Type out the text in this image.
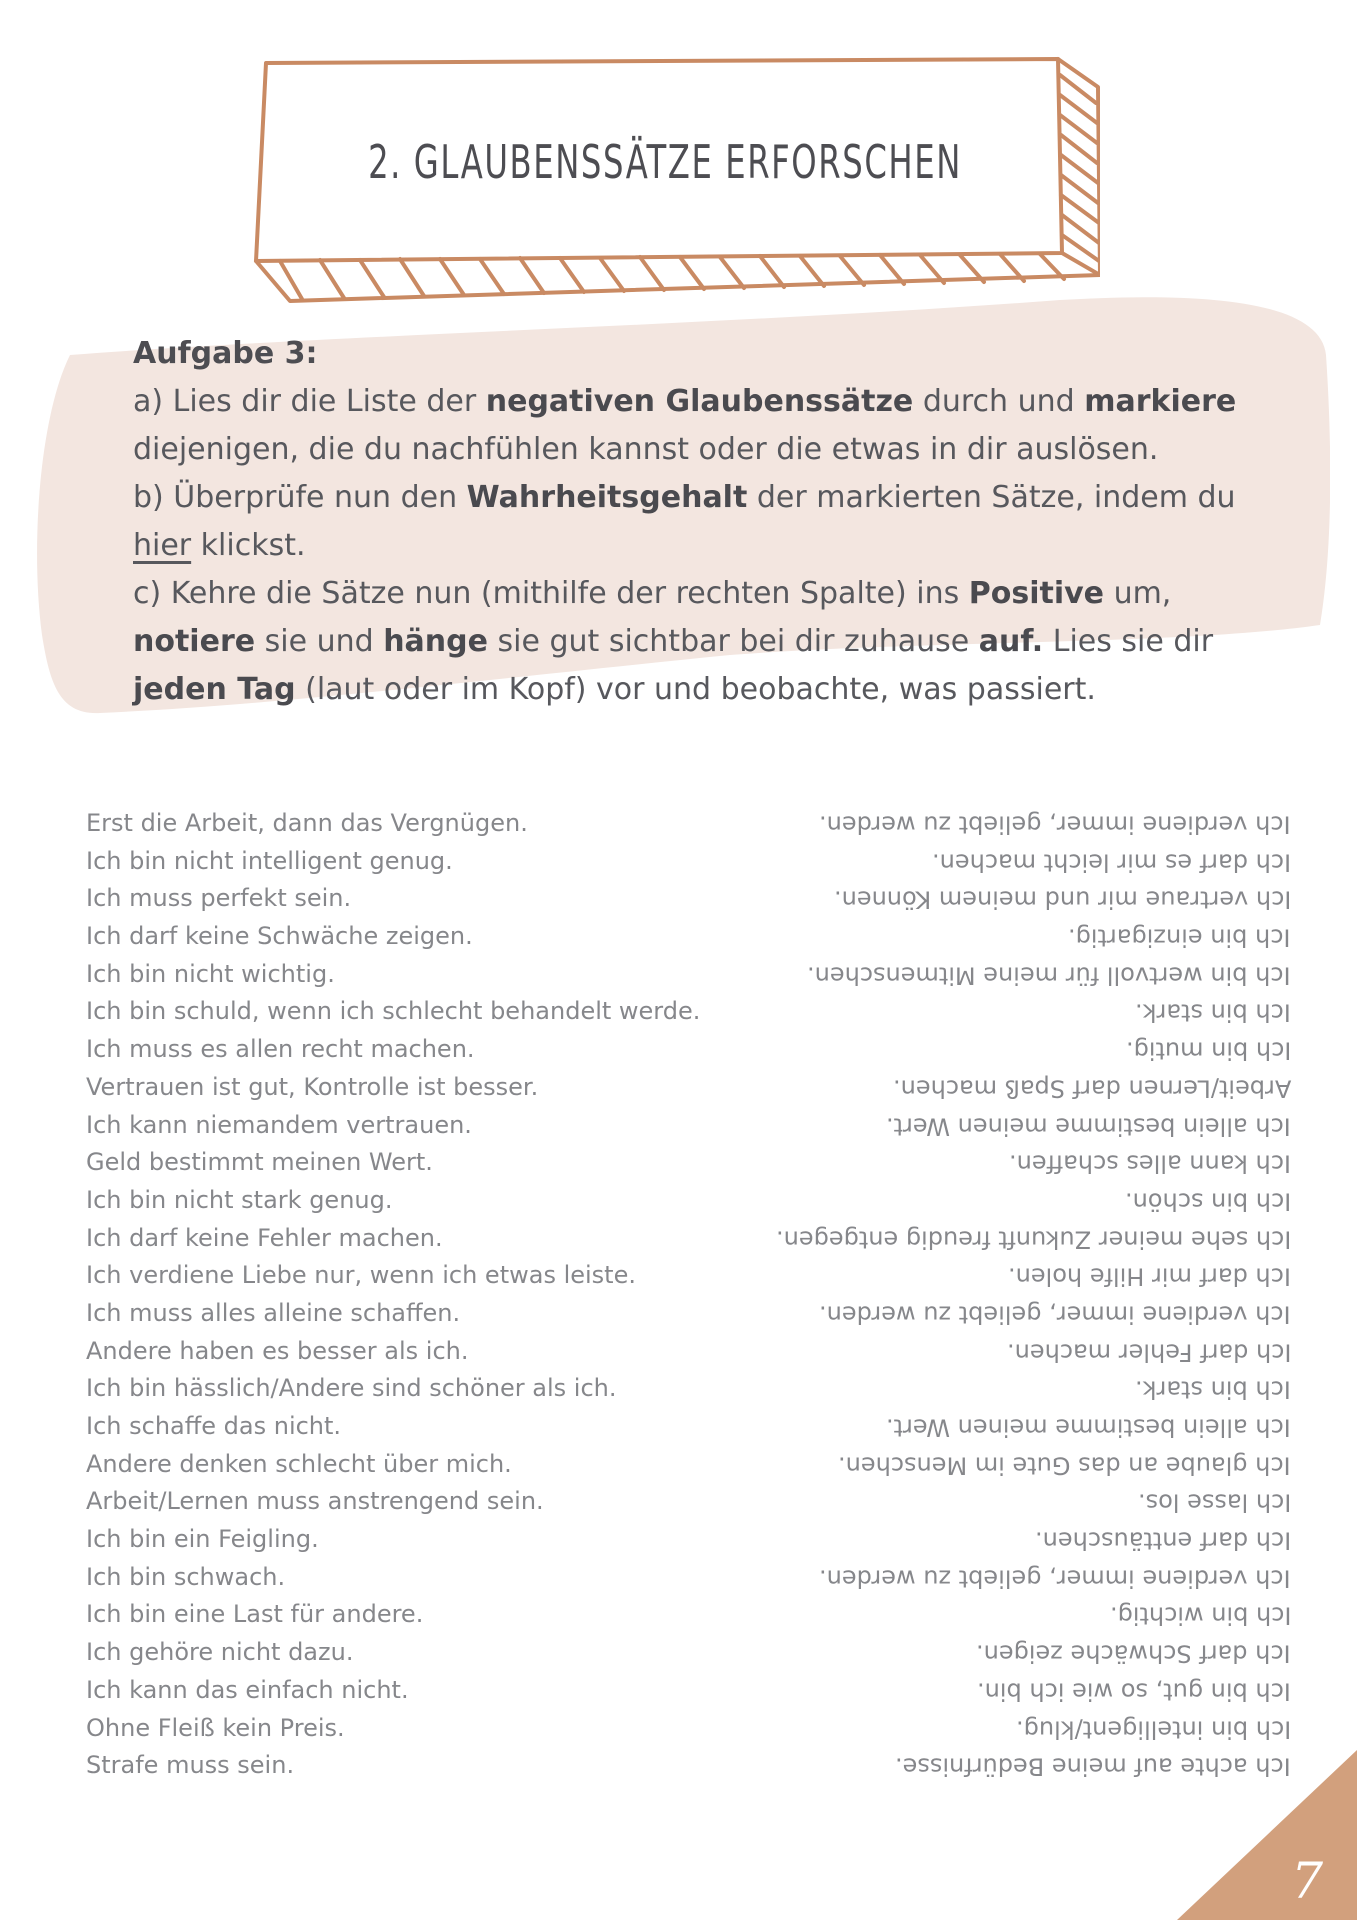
2. GLAUBENSSÄTZE ERFORSCHEN

Aufgabe 3:

a) Lies dir die Liste der negativen Glaubenssätze durch und markiere diejenigen, die du nachfühlen kannst oder die etwas in dir auslösen.

b) Überprüfe nun den Wahrheitsgehalt der markierten Sätze, indem du hier klickst.

c) Kehre die Sätze nun (mithilfe der rechten Spalte) ins Positive um, notiere sie und hänge sie gut sichtbar bei dir zuhause auf. Lies sie dir jeden Tag (laut oder im Kopf) vor und beobachte, was passiert.

Erst die Arbeit, dann das Vergnügen.	Ich verdiene immer, geliebt zu werden.
Ich bin nicht intelligent genug.	Ich darf es mir leicht machen.
Ich muss perfekt sein.	Ich vertraue mir und meinem Können.
Ich darf keine Schwäche zeigen.	Ich bin einzigartig.
Ich bin nicht wichtig.	Ich bin wertvoll für meine Mitmenschen.
Ich bin schuld, wenn ich schlecht behandelt werde.	Ich bin stark.
Ich muss es allen recht machen.	Ich bin mutig.
Vertrauen ist gut, Kontrolle ist besser.	Arbeit/Lernen darf Spaß machen.
Ich kann niemandem vertrauen.	Ich allein bestimme meinen Wert.
Geld bestimmt meinen Wert.	Ich kann alles schaffen.
Ich bin nicht stark genug.	Ich bin schön.
Ich darf keine Fehler machen.	Ich sehe meiner Zukunft freudig entgegen.
Ich verdiene Liebe nur, wenn ich etwas leiste.	Ich darf mir Hilfe holen.
Ich muss alles alleine schaffen.	Ich verdiene immer, geliebt zu werden.
Andere haben es besser als ich.	Ich darf Fehler machen.
Ich bin hässlich/Andere sind schöner als ich.	Ich bin stark.
Ich schaffe das nicht.	Ich allein bestimme meinen Wert.
Andere denken schlecht über mich.	Ich glaube an das Gute im Menschen.
Arbeit/Lernen muss anstrengend sein.	Ich lasse los.
Ich bin ein Feigling.	Ich darf enttäuschen.
Ich bin schwach.	Ich verdiene immer, geliebt zu werden.
Ich bin eine Last für andere.	Ich bin wichtig.
Ich gehöre nicht dazu.	Ich darf Schwäche zeigen.
Ich kann das einfach nicht.	Ich bin gut, so wie ich bin.
Ohne Fleiß kein Preis.	Ich bin intelligent/klug.
Strafe muss sein.	Ich achte auf meine Bedürfnisse.
7
